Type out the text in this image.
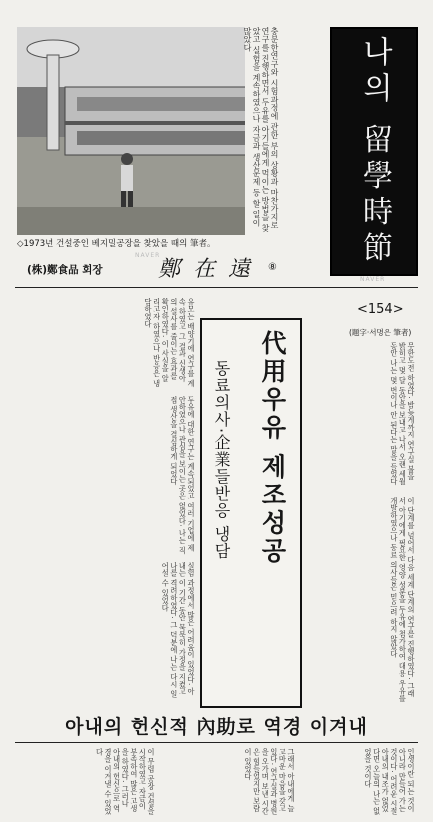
충분한연구와 시험과정에 관한 부의 상황과 마찬가지로 연구를 진행하면서 두유를 아기들에게 먹이는 방법을 찾았고 실험을 계속하였으나 자금과 생산문제 등 할 일이 많았다
◇1973년 건설중인 베지밀공장을 찾았을 때의 筆者。
NAVER	나의 留學時節
NAVER
(株)鄭食品 회장	鄭 在 遠 ⑧
<154>
(題字·서명은 筆者)
무한도전 하였다. 밤늦게까지 연구실 불을 밝히고 몇 달 동안을 보내고 나서 오랜 세월 동안 나는 몇 번이나 안 된다는 말을 들었다
이 단계를 넘어서 다음 세계 단계의 연구를 진행하였다. 그래서 아기에게 필요한 영양 성분을 두유에 첨가하여 대용 우유를 개발하였으나 동료 의사들은 믿으려 하지 않았다
유모는 배양기에 연구를 계속 하였고 그 결과 신생아의 설사를 줄이는 효과를 확인하였다. 이 사실을 알리고자 하였으나 반응은 냉담하였다
두유에 대한 연구는 계속되었고 여러 기업에 제안하였으나 관심을 보이는 곳은 없었다. 나는 직접 생산을 결심하게 되었다
실험 과정에서 많은 어려움이 있었다. 아내는 이 기간 동안 묵묵히 가정을 지켰고 나를 격려하였다. 그 덕분에 나는 다시 일어설 수 있었다
代用우유 제조성공
동료의사·企業들반응 냉담
아내의 헌신적 內助로 역경 이겨내
인생이란 되는 것이 아니라 만들어 가는 것이다. 어려운 시절 아내의 내조가 없었다면 오늘의 나는 없었을 것이다
그래서 아내에게 늘 고마운 마음을 갖고 있다. 연구실과 병원을 오가며 보낸 시간은 힘들었지만 보람이 있었다
이 무렵 공장 건설을 시작하였고 자금이 부족하여 많은 고생을 하였다. 그러나 아내의 헌신으로 역경을 이겨낼 수 있었다
